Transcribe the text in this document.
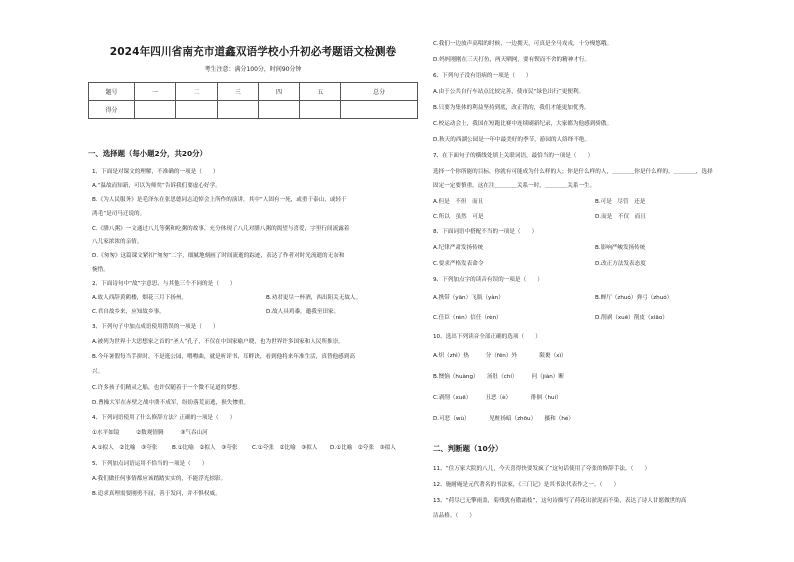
2024年四川省南充市道鑫双语学校小升初必考题语文检测卷
考生注意：满分100分，时间90分钟
题号	一	二	三	四	五	总分
得分						
一、选择题（每小题2分，共20分）
1、下面是对课文的理解，不准确的一项是（　　）
A.“温故而知新，可以为师矣”告诉我们要虚心好学。
B.《为人民服务》是毛泽东在张思德同志追悼会上所作的演讲，其中“人固有一死，或重于泰山，或轻于
鸿毛”是司马迁说的。
C.《腊八粥》一文通过八儿等粥和吃粥的故事，充分体现了八儿对腊八粥的渴望与喜爱，字里行间流露着
八儿家浓浓的亲情。
D.《匆匆》这篇课文紧扣“匆匆”二字，细腻地刻画了时间流逝的踪迹，表达了作者对时光流逝的无奈和
惋惜。
2、下面诗句中“故”字意思，与其他三个不同的是（　　）
A.故人西辞黄鹤楼，烟花三月下扬州。	B.劝君更尽一杯酒，西出阳关无故人。
C.君自故乡来，应知故乡事。	D.故人具鸡黍，邀我至田家。
3、下列句子中加点成语使用错误的一项是（　　）
A.被列为世界十大思想家之首的“圣人”孔子，不仅在中国家喻户晓，也为世界许多国家和人民所推崇。
B.今年暑假每当手拼时，不是逛公园，嘚嘚曲，就是听评书，耳畔诀，看到他将来年准生活，真替他感到高
兴。
C.许多孩子们精灵之船，也许仅随着于一个微不足道的梦想。
D.曹操大军在赤壁之战中溃不成军，纷纷落荒而逃，损失惨重。
4、下列词语使用了什么修辞方法？正确的一项是（　　）
①水平如镜　　　②数观情腾　　　③气吞山河
A.①拟人　②比喻　③夸张	B.①比喻　②拟人　③夸张	C.①夸张　②比喻　③拟人 D.①比喻　②夸张　③拟人
5、下列加点词语运用不恰当的一项是（　　）
A.我们做任何事情都应该踏踏实实的，不能浮光掠影。
B.追求真理需要刚勇不屈，善于发问，并不惧权威。
C.我们一边放声高唱的时候，一边拥天，可真是全马戎戎，十分慢悠哦。
D.妈妈刚刚在三天打鱼，两天晒网，要有锲而不舍的精神才行。
6、下列句子没有语病的一项是（　　）
A.由于公共自行车站点比较完善，使市民“绿色出行”更便利。
B.只要为集体的利益坚持到底，改正错的，我们才能更加优秀。
C.校运动会上，我国在短跑比赛中连续刷新纪录，大家都为他感到骄傲。
D.秋天的西湖公园是一年中最美好的季节，游园的人络绎不绝。
7、在下面句子的横线处填上关联词语，最恰当的一项是（　　）
选择一个你所能的目标，你就有可能成为什么样的人；你是什么样的人，＿＿＿＿你是什么样的。＿＿＿＿，选择
固定一定要慎重，这在注＿＿＿＿关系一时，＿＿＿＿关系一生。
A.但是　不但　而且	B.可是　尽管　还是
C.所以　虽然　可是	D.而是　不仅　而且
8、下面词语中搭配不当的一项是（　　）
A.纪律严肃发扬传统	B.影响严峻发扬传统
C.要求严格发表命令	D.改正方法发表态度
9、下列加点字的读音有误的一项是（　　）
A.携带（yān）飞瓶（yàn）	B.蝉厅（zhuó）弹弓（zhuó）
C.任臣（rèn）信任（rèn）	D.削剥（xuē）削皮（xiāo）
10、选出下列读音全部正确的选项（　　）
A.炽（zhì）热　　　分（fēn）外　　　　限裹（xì）
B.懊恼（huàng）　　汤肚（chí）　　　问（jiàn）断
C.剥削（xuē）　　　丑恶（è）　　　　徘徊（huí）
D.可恶（wù）　　　　见赃扬暗（zhōu）　　摄和（hé）
二、判断题（10分）
11、“住万家大院的八儿，今天喜得快要发疯了”这句话使用了夸张的修辞手法。（　　）
12、施耐庵是元代著名的书法家，《三门记》是其书法代表作之一。（　　）
13、“荷尽已无擎雨盖，菊残犹有傲霜枝”，这句诗描写了荷花出淤泥而不染，表达了诗人甘愿做世的高
洁品格。（　　）
